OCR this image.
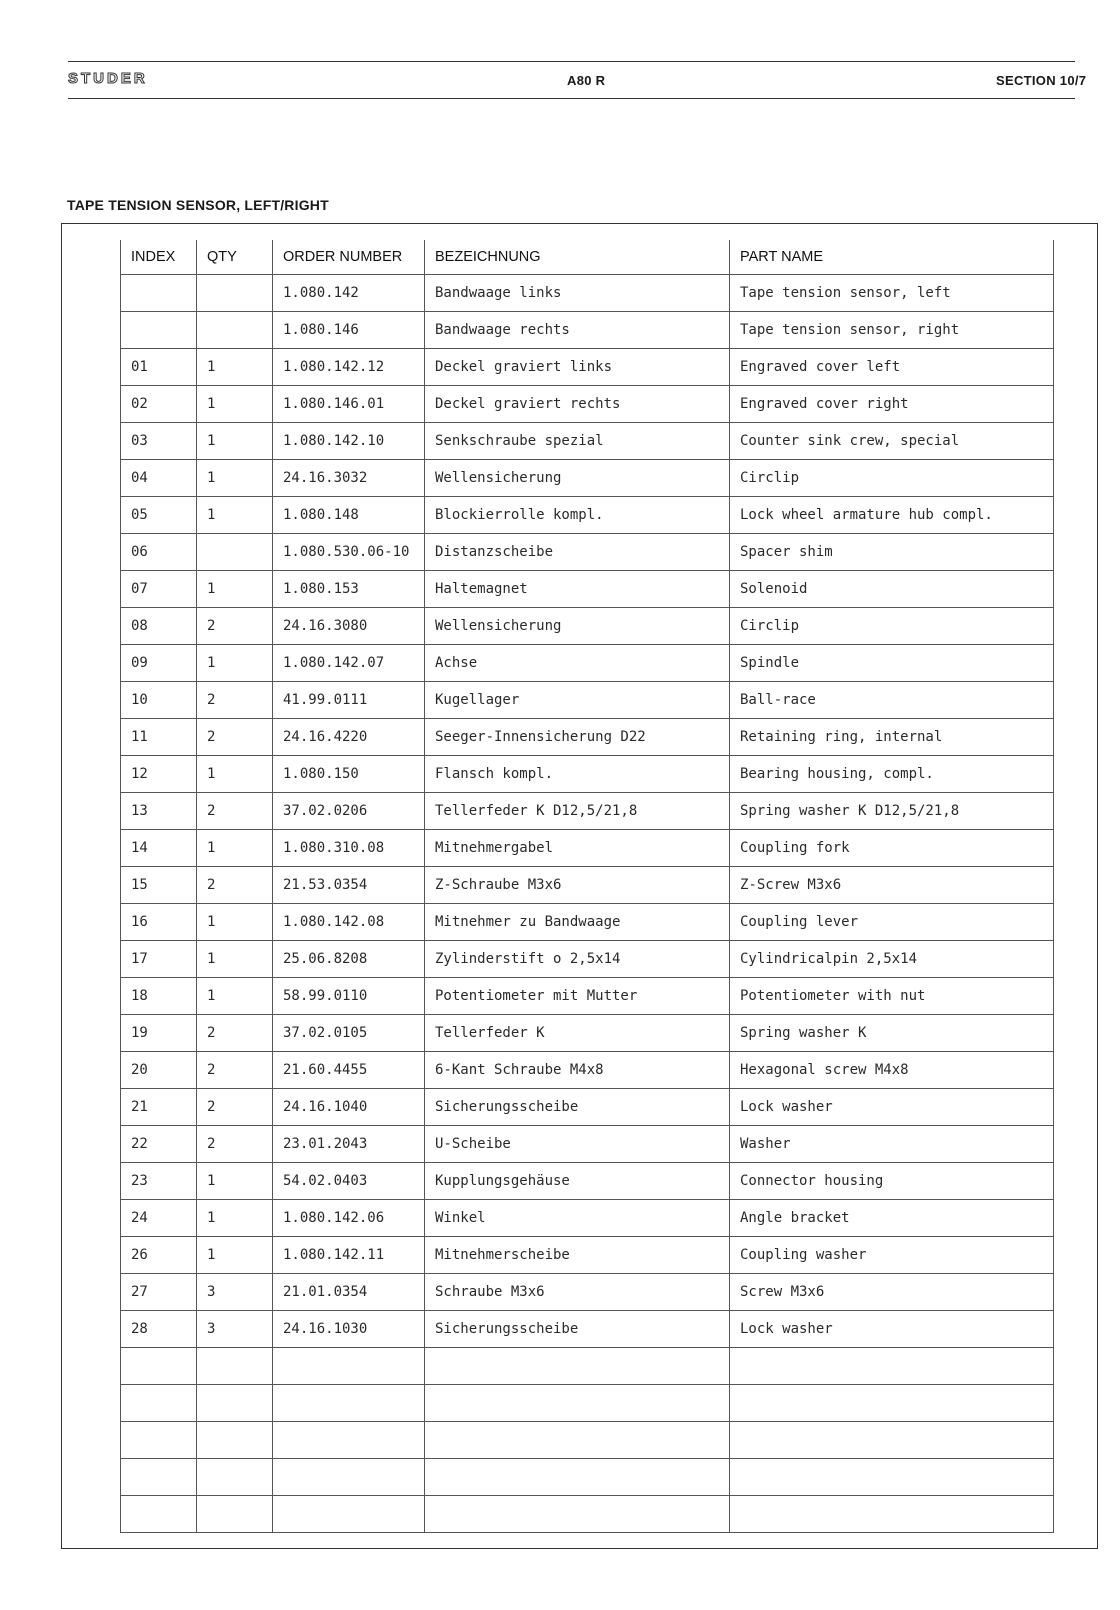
STUDER	A80 R	SECTION 10/7
TAPE TENSION SENSOR, LEFT/RIGHT
INDEX	QTY	ORDER NUMBER	BEZEICHNUNG	PART NAME
		1.080.142	Bandwaage links	Tape tension sensor, left
		1.080.146	Bandwaage rechts	Tape tension sensor, right
01	1	1.080.142.12	Deckel graviert links	Engraved cover left
02	1	1.080.146.01	Deckel graviert rechts	Engraved cover right
03	1	1.080.142.10	Senkschraube spezial	Counter sink crew, special
04	1	24.16.3032	Wellensicherung	Circlip
05	1	1.080.148	Blockierrolle kompl.	Lock wheel armature hub compl.
06		1.080.530.06-10	Distanzscheibe	Spacer shim
07	1	1.080.153	Haltemagnet	Solenoid
08	2	24.16.3080	Wellensicherung	Circlip
09	1	1.080.142.07	Achse	Spindle
10	2	41.99.0111	Kugellager	Ball-race
11	2	24.16.4220	Seeger-Innensicherung D22	Retaining ring, internal
12	1	1.080.150	Flansch kompl.	Bearing housing, compl.
13	2	37.02.0206	Tellerfeder K D12,5/21,8	Spring washer K D12,5/21,8
14	1	1.080.310.08	Mitnehmergabel	Coupling fork
15	2	21.53.0354	Z-Schraube M3x6	Z-Screw M3x6
16	1	1.080.142.08	Mitnehmer zu Bandwaage	Coupling lever
17	1	25.06.8208	Zylinderstift o 2,5x14	Cylindricalpin 2,5x14
18	1	58.99.0110	Potentiometer mit Mutter	Potentiometer with nut
19	2	37.02.0105	Tellerfeder K	Spring washer K
20	2	21.60.4455	6-Kant Schraube M4x8	Hexagonal screw M4x8
21	2	24.16.1040	Sicherungsscheibe	Lock washer
22	2	23.01.2043	U-Scheibe	Washer
23	1	54.02.0403	Kupplungsgehäuse	Connector housing
24	1	1.080.142.06	Winkel	Angle bracket
26	1	1.080.142.11	Mitnehmerscheibe	Coupling washer
27	3	21.01.0354	Schraube M3x6	Screw M3x6
28	3	24.16.1030	Sicherungsscheibe	Lock washer
